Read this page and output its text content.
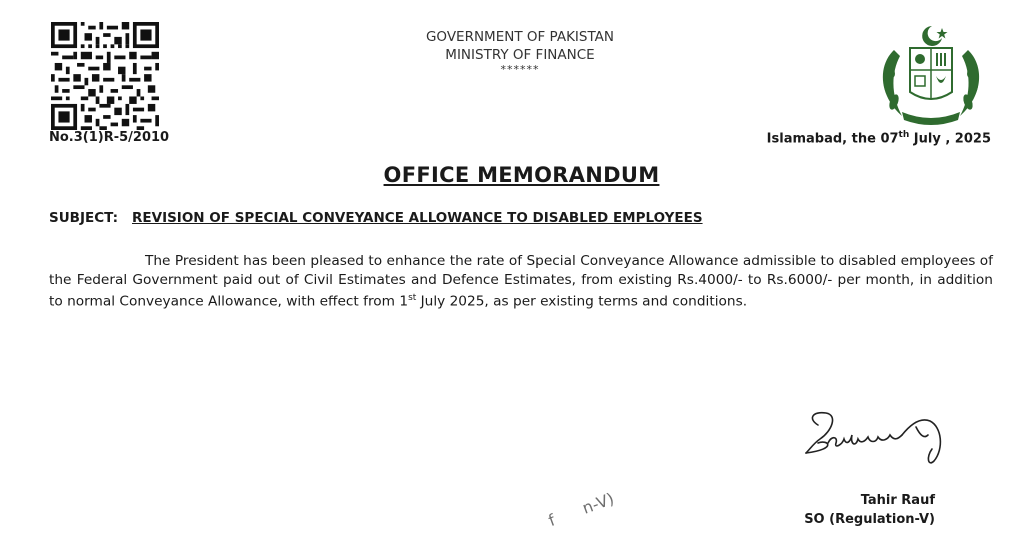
No.3(1)R-5/2010
GOVERNMENT OF PAKISTAN
MINISTRY OF FINANCE
******
Islamabad, the 07th July , 2025
OFFICE MEMORANDUM
SUBJECT: REVISION OF SPECIAL CONVEYANCE ALLOWANCE TO DISABLED EMPLOYEES
The President has been pleased to enhance the rate of Special Conveyance Allowance admissible to disabled employees of the Federal Government paid out of Civil Estimates and Defence Estimates, from existing Rs.4000/- to Rs.6000/- per month, in addition to normal Conveyance Allowance, with effect from 1st July 2025, as per existing terms and conditions.
Tahir Rauf
SO (Regulation-V)
f      n-V)
